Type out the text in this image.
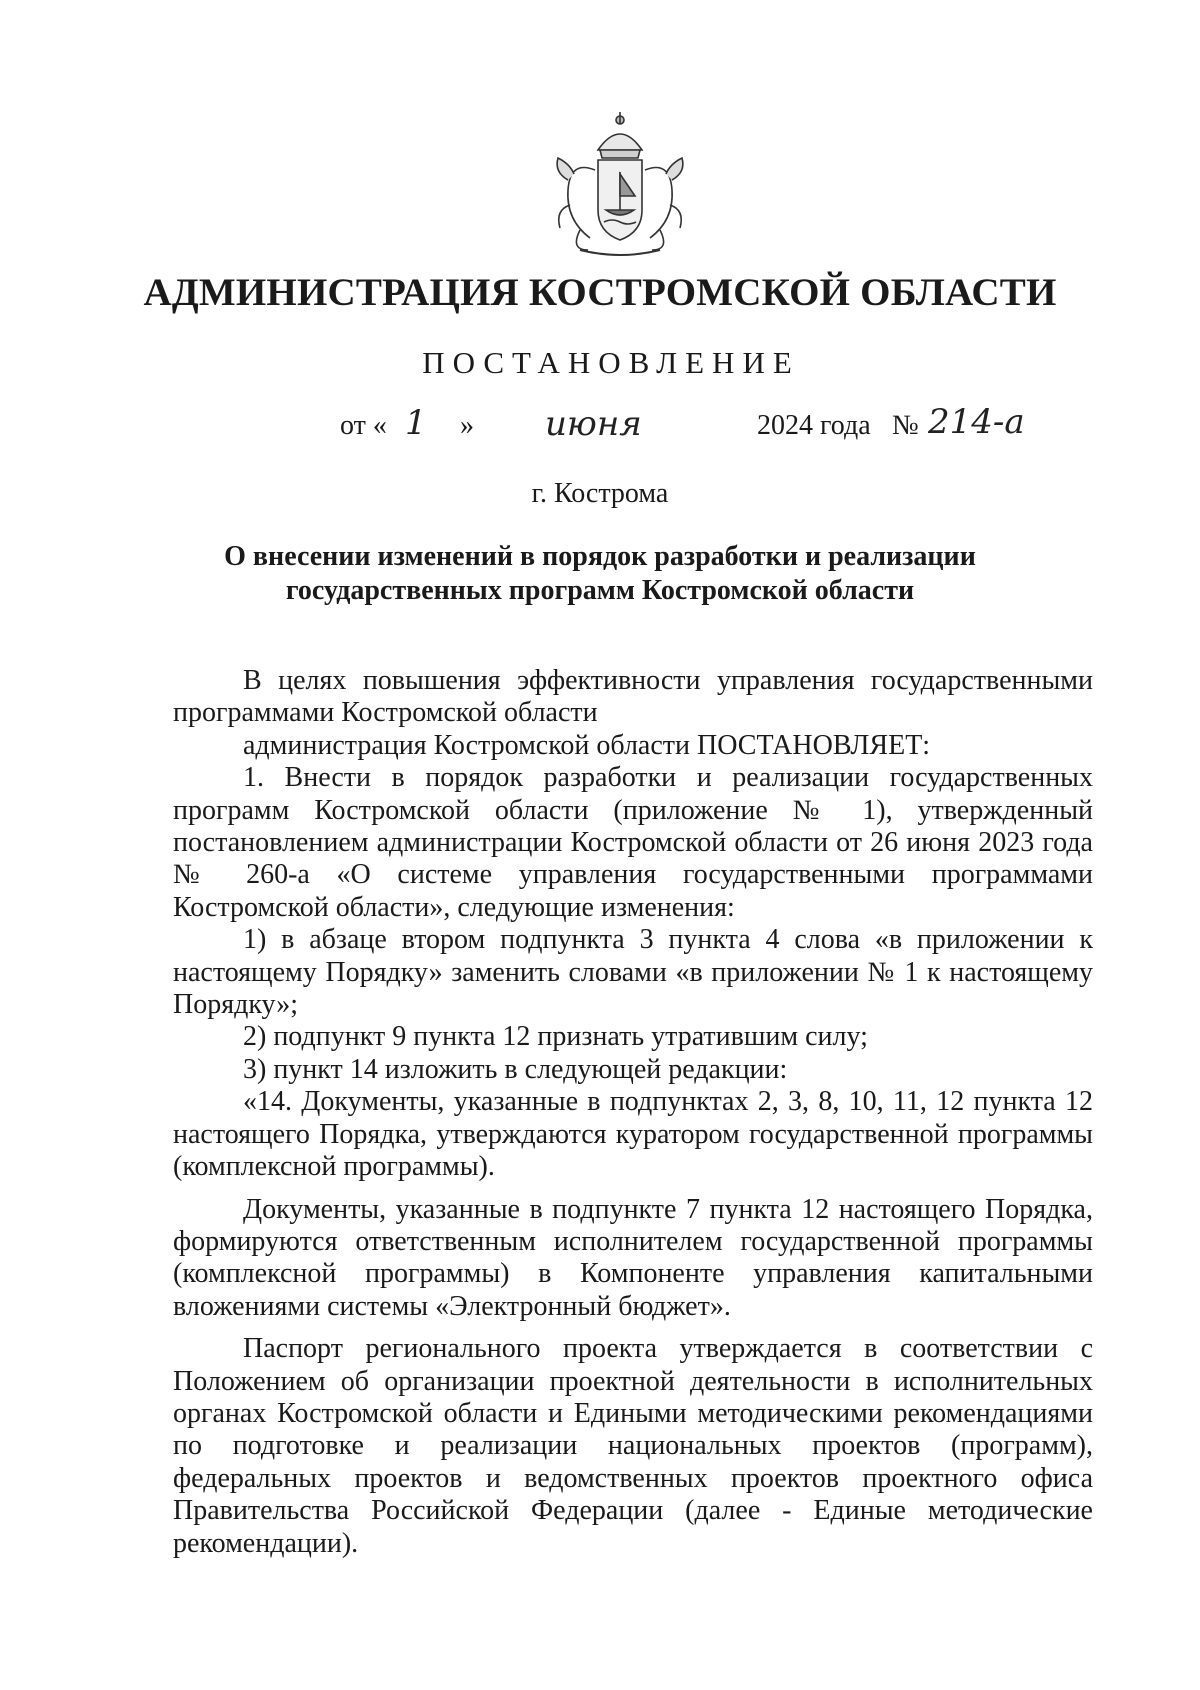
АДМИНИСТРАЦИЯ КОСТРОМСКОЙ ОБЛАСТИ
ПОСТАНОВЛЕНИЕ
от « 1 » июня	2024 года № 214-а
г. Кострома
О внесении изменений в порядок разработки и реализации
государственных программ Костромской области

В целях повышения эффективности управления государственными программами Костромской области

администрация Костромской области ПОСТАНОВЛЯЕТ:

1. Внести в порядок разработки и реализации государственных программ Костромской области (приложение № 1), утвержденный постановлением администрации Костромской области от 26 июня 2023 года № 260-а «О системе управления государственными программами Костромской области», следующие изменения:

1) в абзаце втором подпункта 3 пункта 4 слова «в приложении к настоящему Порядку» заменить словами «в приложении № 1 к настоящему Порядку»;

2) подпункт 9 пункта 12 признать утратившим силу;

3) пункт 14 изложить в следующей редакции:

«14. Документы, указанные в подпунктах 2, 3, 8, 10, 11, 12 пункта 12 настоящего Порядка, утверждаются куратором государственной программы (комплексной программы).

Документы, указанные в подпункте 7 пункта 12 настоящего Порядка, формируются ответственным исполнителем государственной программы (комплексной программы) в Компоненте управления капитальными вложениями системы «Электронный бюджет».

Паспорт регионального проекта утверждается в соответствии с Положением об организации проектной деятельности в исполнительных органах Костромской области и Едиными методическими рекомендациями по подготовке и реализации национальных проектов (программ), федеральных проектов и ведомственных проектов проектного офиса Правительства Российской Федерации (далее - Единые методические рекомендации).
